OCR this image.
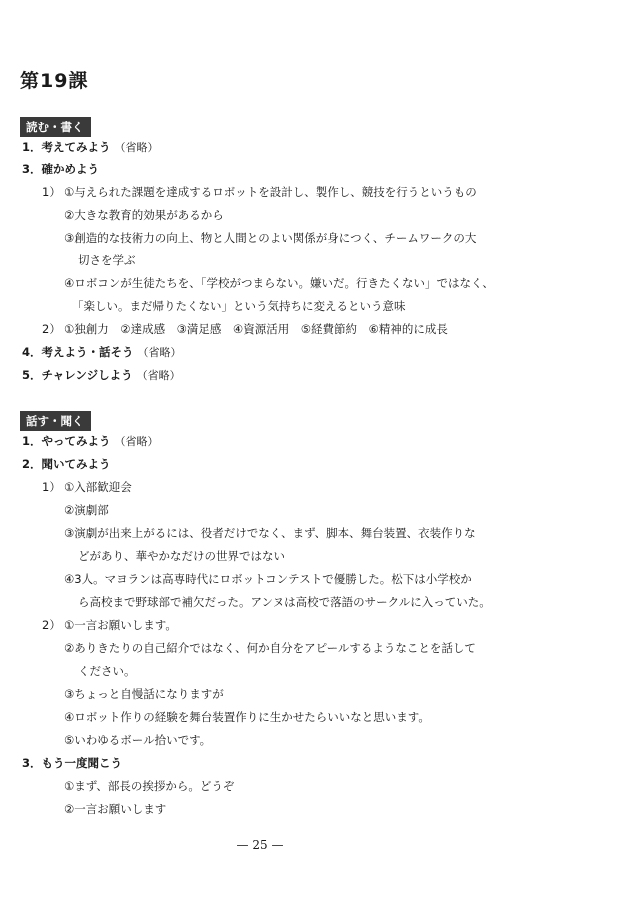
第19課
読む・書く
1．考えてみよう （省略）
3．確かめよう
1） ①与えられた課題を達成するロボットを設計し、製作し、競技を行うというもの
②大きな教育的効果があるから
③創造的な技術力の向上、物と人間とのよい関係が身につく、チームワークの大
切さを学ぶ
④ロボコンが生徒たちを、「学校がつまらない。嫌いだ。行きたくない」ではなく、
「楽しい。まだ帰りたくない」という気持ちに変えるという意味
2） ①独創力　②達成感　③満足感　④資源活用　⑤経費節約　⑥精神的に成長
4．考えよう・話そう （省略）
5．チャレンジしよう （省略）
話す・聞く
1．やってみよう （省略）
2．聞いてみよう
1） ①入部歓迎会
②演劇部
③演劇が出来上がるには、役者だけでなく、まず、脚本、舞台装置、衣装作りな
どがあり、華やかなだけの世界ではない
④3人。マヨランは高専時代にロボットコンテストで優勝した。松下は小学校か
ら高校まで野球部で補欠だった。アンヌは高校で落語のサークルに入っていた。
2） ①一言お願いします。
②ありきたりの自己紹介ではなく、何か自分をアピールするようなことを話して
ください。
③ちょっと自慢話になりますが
④ロボット作りの経験を舞台装置作りに生かせたらいいなと思います。
⑤いわゆるボール拾いです。
3．もう一度聞こう
①まず、部長の挨拶から。どうぞ
②一言お願いします
— 25 —
